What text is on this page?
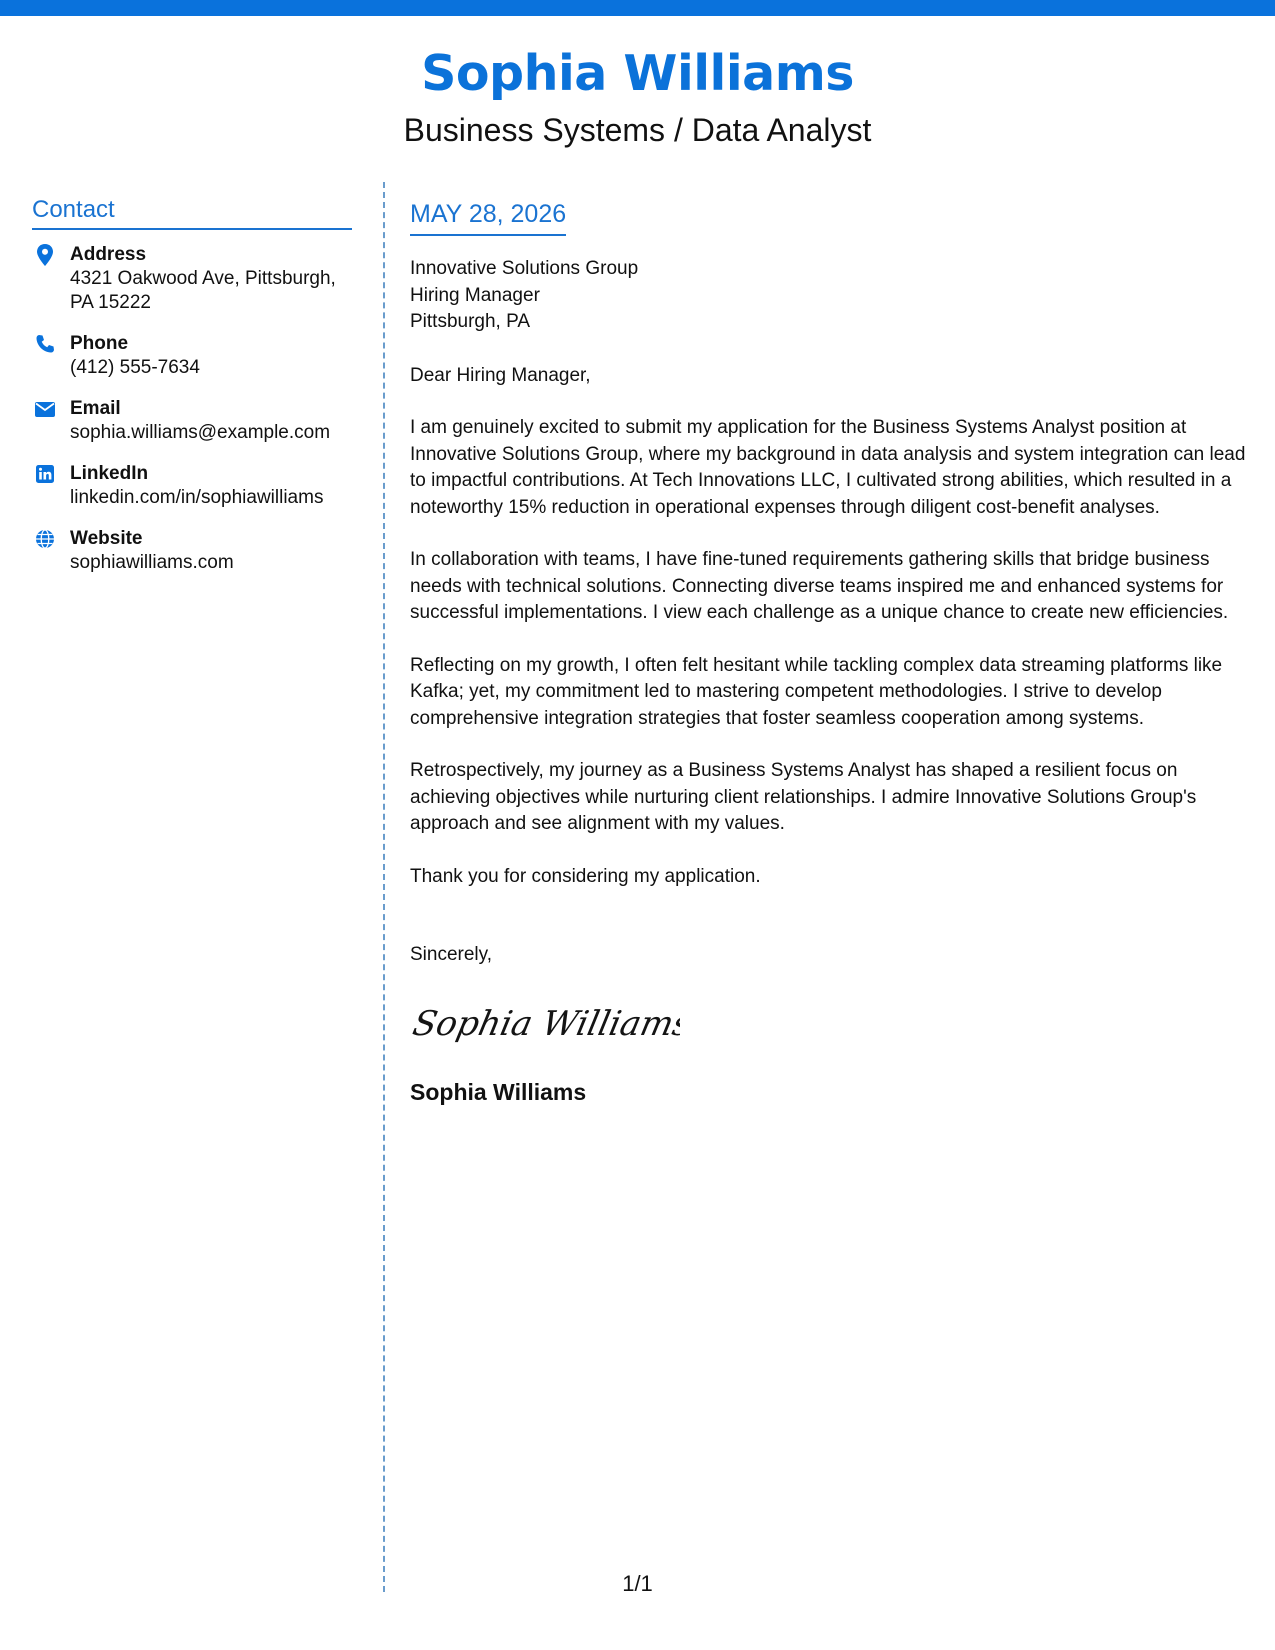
Sophia Williams
Business Systems / Data Analyst
Contact
Address
4321 Oakwood Ave, Pittsburgh,
PA 15222
Phone
(412) 555-7634
Email
sophia.williams@example.com
LinkedIn
linkedin.com/in/sophiawilliams
Website
sophiawilliams.com
MAY 28, 2026
Innovative Solutions Group
Hiring Manager
Pittsburgh, PA
Dear Hiring Manager,
I am genuinely excited to submit my application for the Business Systems Analyst position at Innovative Solutions Group, where my background in data analysis and system integration can lead to impactful contributions. At Tech Innovations LLC, I cultivated strong abilities, which resulted in a noteworthy 15% reduction in operational expenses through diligent cost-benefit analyses.
In collaboration with teams, I have fine-tuned requirements gathering skills that bridge business needs with technical solutions. Connecting diverse teams inspired me and enhanced systems for successful implementations. I view each challenge as a unique chance to create new efficiencies.
Reflecting on my growth, I often felt hesitant while tackling complex data streaming platforms like Kafka; yet, my commitment led to mastering competent methodologies. I strive to develop comprehensive integration strategies that foster seamless cooperation among systems.
Retrospectively, my journey as a Business Systems Analyst has shaped a resilient focus on achieving objectives while nurturing client relationships. I admire Innovative Solutions Group's approach and see alignment with my values.
Thank you for considering my application.
Sincerely,
Sophia Williams
Sophia Williams
1/1
